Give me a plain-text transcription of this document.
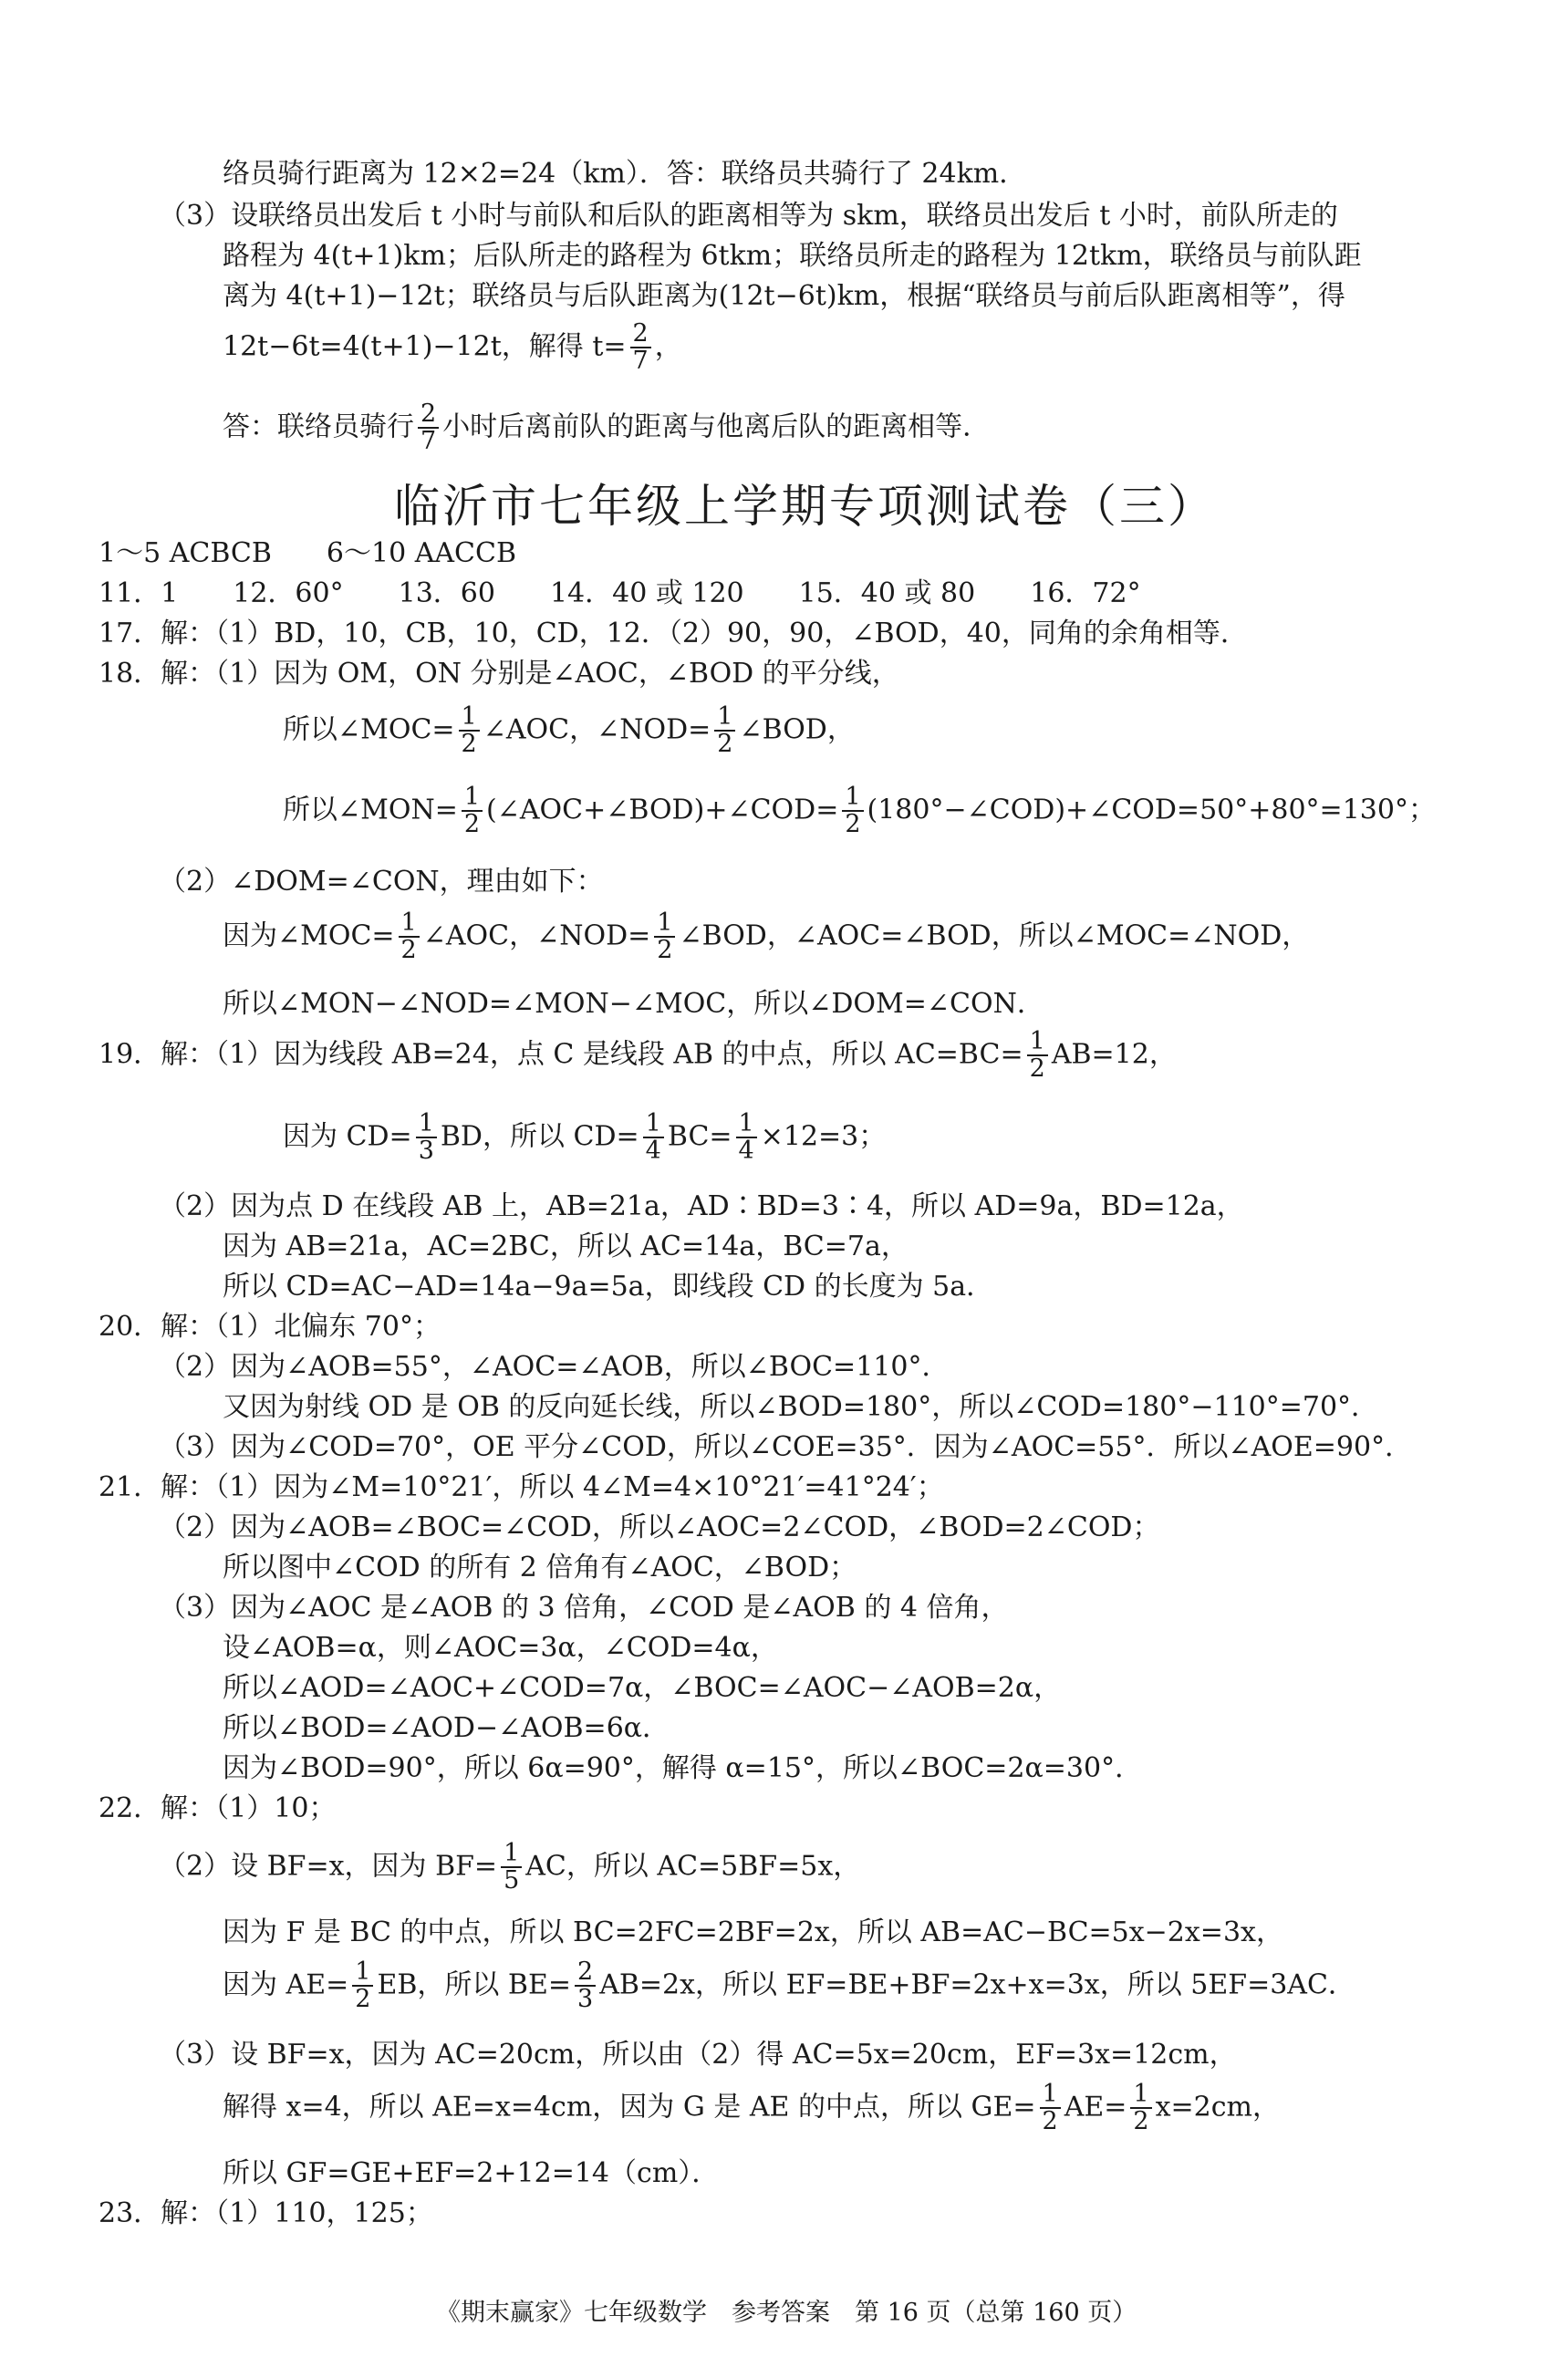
络员骑行距离为 12×2=24（km）．答：联络员共骑行了 24km．
（3）设联络员出发后 t 小时与前队和后队的距离相等为 skm，联络员出发后 t 小时，前队所走的
路程为 4(t+1)km；后队所走的路程为 6tkm；联络员所走的路程为 12tkm，联络员与前队距
离为 4(t+1)−12t；联络员与后队距离为(12t−6t)km，根据“联络员与前后队距离相等”，得
12t−6t=4(t+1)−12t，解得 $t= \frac{2}{7}$ ，
答：联络员骑行 $\frac{2}{7}$ 小时后离前队的距离与他离后队的距离相等．
临沂市七年级上学期专项测试卷（三）
1～5 ACBCB　　6～10 AACCB
11．1　　12．60°　　13．60　　14．40 或 120　　15．40 或 80　　16．72°
17．解：（1）BD，10，CB，10，CD，12．（2）90，90，∠BOD，40，同角的余角相等．
18．解：（1）因为 OM，ON 分别是∠AOC，∠BOD 的平分线，
所以∠MOC= $\frac{1}{2}$ ∠AOC，∠NOD= $\frac{1}{2}$ ∠BOD，
所以∠MON= $\frac{1}{2}$ (∠AOC+∠BOD)+∠COD= $\frac{1}{2}$ (180°−∠COD)+∠COD=50°+80°=130°；
（2）∠DOM=∠CON，理由如下：
因为∠MOC= $\frac{1}{2}$ ∠AOC，∠NOD= $\frac{1}{2}$ ∠BOD，∠AOC=∠BOD，所以∠MOC=∠NOD，
所以∠MON−∠NOD=∠MON−∠MOC，所以∠DOM=∠CON．
19．解：（1）因为线段 AB=24，点 C 是线段 AB 的中点，所以 $AC=BC= \frac{1}{2} AB=12$，
因为 $CD= \frac{1}{3}$ BD，所以 $CD= \frac{1}{4} BC= \frac{1}{4} \times 12=3$；
（2）因为点 D 在线段 AB 上，AB=21a，AD∶BD=3∶4，所以 AD=9a，BD=12a，
因为 AB=21a，AC=2BC，所以 AC=14a，BC=7a，
所以 CD=AC−AD=14a−9a=5a，即线段 CD 的长度为 5a．
20．解：（1）北偏东 70°；
（2）因为∠AOB=55°，∠AOC=∠AOB，所以∠BOC=110°．
又因为射线 OD 是 OB 的反向延长线，所以∠BOD=180°，所以∠COD=180°−110°=70°．
（3）因为∠COD=70°，OE 平分∠COD，所以∠COE=35°．因为∠AOC=55°．所以∠AOE=90°．
21．解：（1）因为∠M=10°21′，所以 4∠M=4×10°21′=41°24′；
（2）因为∠AOB=∠BOC=∠COD，所以∠AOC=2∠COD，∠BOD=2∠COD；
所以图中∠COD 的所有 2 倍角有∠AOC，∠BOD；
（3）因为∠AOC 是∠AOB 的 3 倍角，∠COD 是∠AOB 的 4 倍角，
设∠AOB=α，则∠AOC=3α，∠COD=4α，
所以∠AOD=∠AOC+∠COD=7α，∠BOC=∠AOC−∠AOB=2α，
所以∠BOD=∠AOD−∠AOB=6α．
因为∠BOD=90°，所以 6α=90°，解得 α=15°，所以∠BOC=2α=30°．
22．解：（1）10；
（2）设 BF=x，因为 $BF= \frac{1}{5}$ AC，所以 AC=5BF=5x，
因为 F 是 BC 的中点，所以 BC=2FC=2BF=2x，所以 AB=AC−BC=5x−2x=3x，
因为 $AE= \frac{1}{2}$ EB，所以 $BE= \frac{2}{3} AB=2x$，所以 EF=BE+BF=2x+x=3x，所以 5EF=3AC．
（3）设 BF=x，因为 AC=20cm，所以由（2）得 AC=5x=20cm，EF=3x=12cm，
解得 x=4，所以 AE=x=4cm，因为 G 是 AE 的中点，所以 $GE= \frac{1}{2} AE= \frac{1}{2} x=2cm$，
所以 GF=GE+EF=2+12=14（cm）．
23．解：（1）110，125；
《期末赢家》七年级数学　参考答案　第 16 页（总第 160 页）
